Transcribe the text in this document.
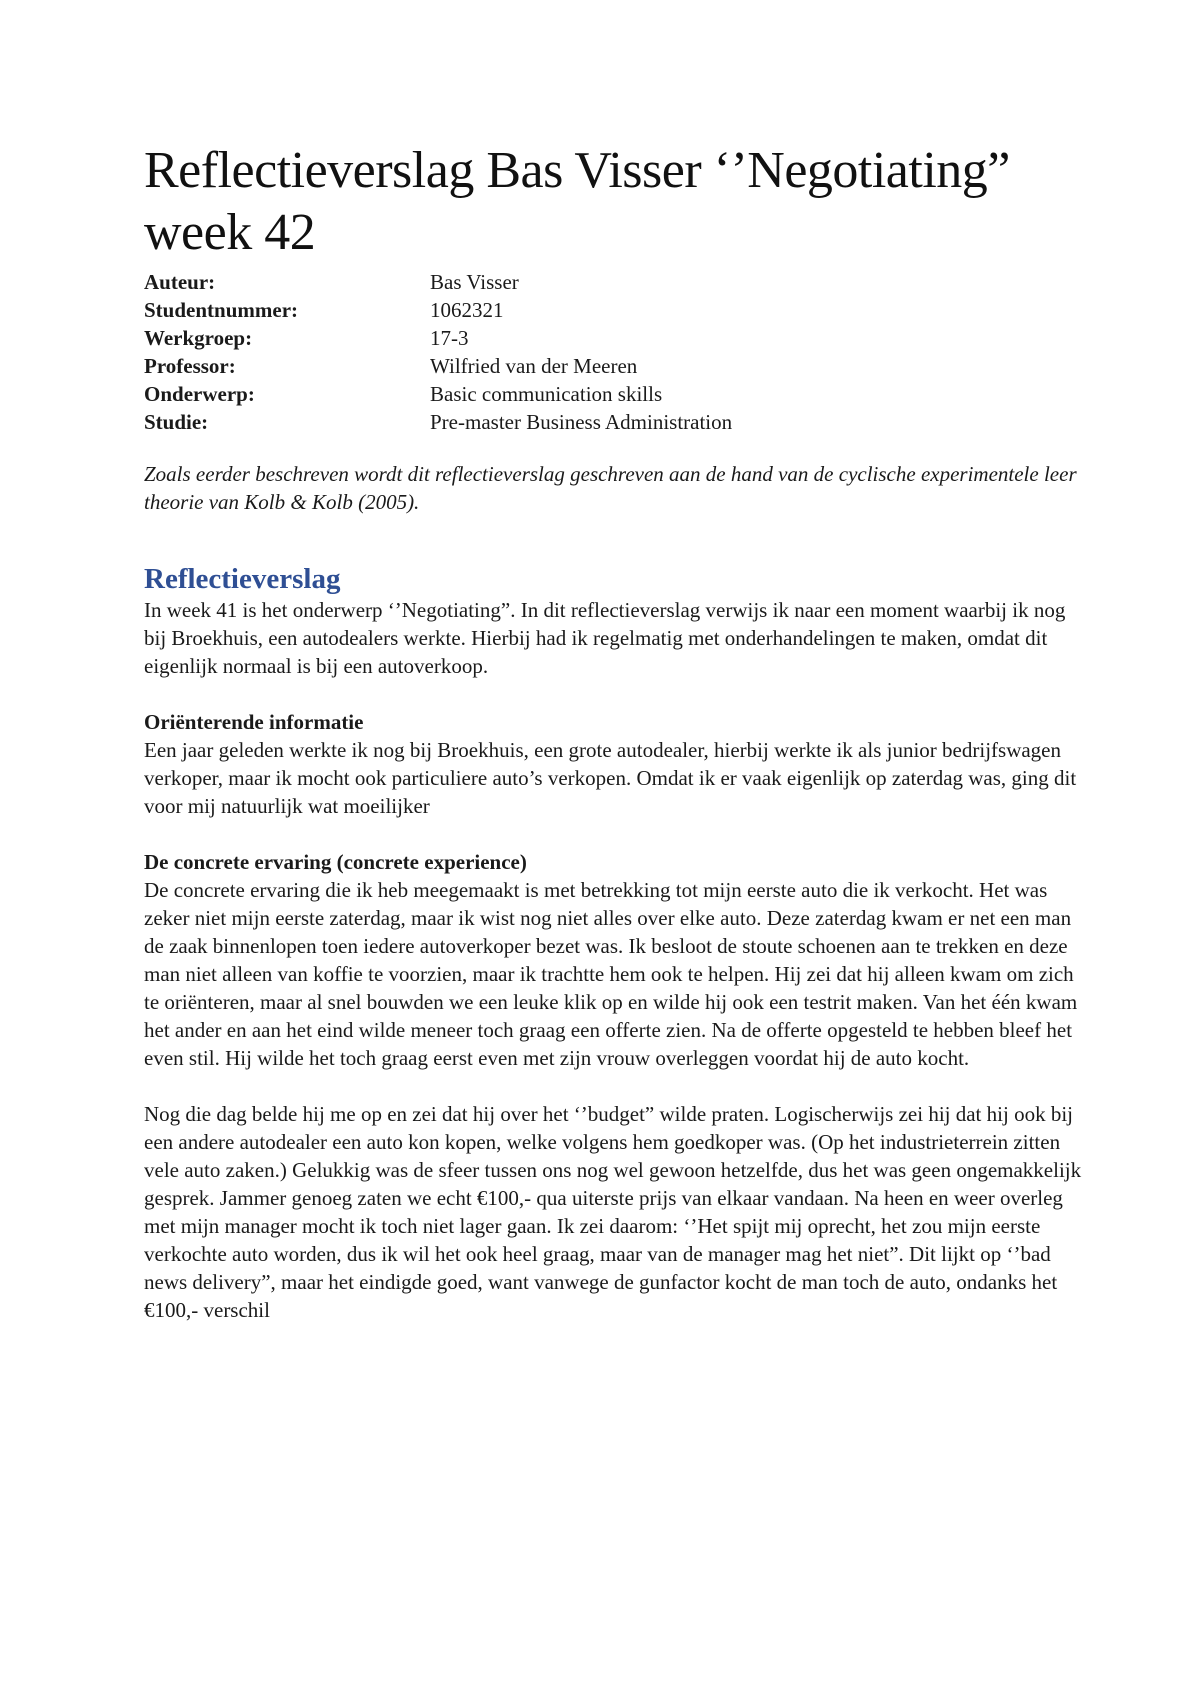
Reflectieverslag Bas Visser ‘’Negotiating” week 42
Auteur:	Bas Visser
Studentnummer:	1062321
Werkgroep:	17-3
Professor:	Wilfried van der Meeren
Onderwerp:	Basic communication skills
Studie:	Pre-master Business Administration

Zoals eerder beschreven wordt dit reflectieverslag geschreven aan de hand van de cyclische experimentele leer theorie van Kolb & Kolb (2005).

Reflectieverslag

In week 41 is het onderwerp ‘’Negotiating”. In dit reflectieverslag verwijs ik naar een moment waarbij ik nog bij Broekhuis, een autodealers werkte. Hierbij had ik regelmatig met onderhandelingen te maken, omdat dit eigenlijk normaal is bij een autoverkoop.

Oriënterende informatie

Een jaar geleden werkte ik nog bij Broekhuis, een grote autodealer, hierbij werkte ik als junior bedrijfswagen verkoper, maar ik mocht ook particuliere auto’s verkopen. Omdat ik er vaak eigenlijk op zaterdag was, ging dit voor mij natuurlijk wat moeilijker

De concrete ervaring (concrete experience)

De concrete ervaring die ik heb meegemaakt is met betrekking tot mijn eerste auto die ik verkocht. Het was zeker niet mijn eerste zaterdag, maar ik wist nog niet alles over elke auto. Deze zaterdag kwam er net een man de zaak binnenlopen toen iedere autoverkoper bezet was. Ik besloot de stoute schoenen aan te trekken en deze man niet alleen van koffie te voorzien, maar ik trachtte hem ook te helpen. Hij zei dat hij alleen kwam om zich te oriënteren, maar al snel bouwden we een leuke klik op en wilde hij ook een testrit maken. Van het één kwam het ander en aan het eind wilde meneer toch graag een offerte zien. Na de offerte opgesteld te hebben bleef het even stil. Hij wilde het toch graag eerst even met zijn vrouw overleggen voordat hij de auto kocht.

Nog die dag belde hij me op en zei dat hij over het ‘’budget” wilde praten. Logischerwijs zei hij dat hij ook bij een andere autodealer een auto kon kopen, welke volgens hem goedkoper was. (Op het industrieterrein zitten vele auto zaken.) Gelukkig was de sfeer tussen ons nog wel gewoon hetzelfde, dus het was geen ongemakkelijk gesprek. Jammer genoeg zaten we echt €100,- qua uiterste prijs van elkaar vandaan. Na heen en weer overleg met mijn manager mocht ik toch niet lager gaan. Ik zei daarom: ‘’Het spijt mij oprecht, het zou mijn eerste verkochte auto worden, dus ik wil het ook heel graag, maar van de manager mag het niet”. Dit lijkt op ‘’bad news delivery”, maar het eindigde goed, want vanwege de gunfactor kocht de man toch de auto, ondanks het €100,- verschil
